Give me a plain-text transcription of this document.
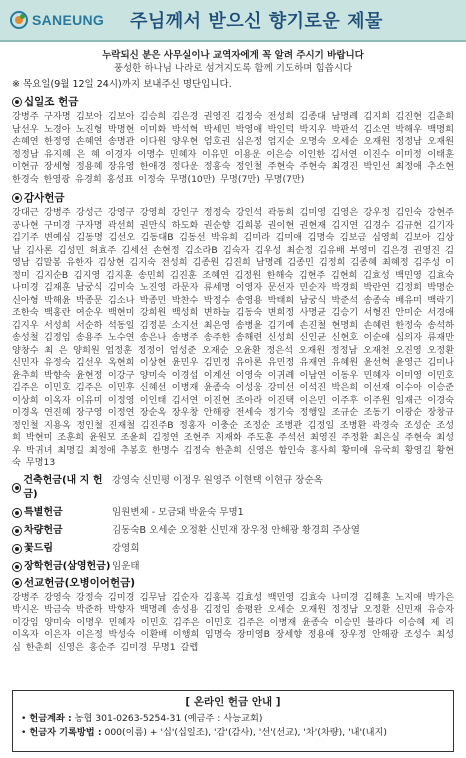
SANEUNG 주님께서 받으신 향기로운 제물
누락되신 분은 사무실이나 교역자에게 꼭 알려 주시기 바랍니다
풍성한 하나님 나라로 섬겨지도록 함께 기도하며 힘씁시다
※ 목요일(9월 12일 24시)까지 보내주신 명단입니다.
십일조 헌금
강병주 구자명 김보아 김보아 김승희 김은경 권영진 김정숙 전성희 김종대 남명례 김지희 김진현 김춘희 남선우 노경아 노진형 박명현 이미화 박석혁 박세민 박영애 박인덕 박지우 박판석 김소연 박해우 백명희 손혜연 한정영 손혜연 송명관 이다원 양우현 엄호권 심은정 엄지순 오명숙 오세순 오재원 정정남 오재원 정정남 유지혜 은 혜 이경자 이명수 민혜자 이유민 이용운 이은승 이인한 김서연 이진수 이미정 이태훈 이현규 장세형 정용혜 장유영 한애경 정다운 정홍숙 정인철 주현숙 주현숙 최경진 박인선 최정애 추소현 한경숙 한영광 유경희 홍성표 이정숙 무명(10만) 무명(7만) 무명(7만)
감사헌금
강대근 강병주 강성근 강영구 강영희 강인구 정정숙 강인석 곽동희 김미영 김영은 강우정 김인숙 강현주 공나현 구미경 구자명 곽선희 권만식 하도화 권순향 김희봉 권이현 권현재 김지연 김경수 김규현 김기자 김기주 변예심 김동명 김선오 김동대B 김동선 박유희 김미라 김미애 김명숙 김보금 심영희 김보아 김상남 김사론 김성민 허효주 김세선 손현정 김소라B 김숙자 김우성 최순정 김유배 부영미 김은경 권영진 김영남 김말봉 유한자 김상현 김지숙 전성희 김종원 김진희 남명례 김종민 김정희 김종혜 최혜정 김주성 이정미 김지순B 김지영 김지훈 송민희 김진훈 조혜연 김정원 한해숙 김현주 김현희 김효성 백민영 김효숙 나미경 김재훈 남궁식 김미숙 노진영 라문자 류세명 이영자 문선자 민순자 박경희 박란연 김정희 박명순 신아형 박해윤 박종문 김소나 박종민 박찬수 박정수 송영용 박태희 남궁식 박준석 송종숙 배유미 백락기 조한숙 백홍란 여순우 백현미 강희원 백성희 변하늘 김동숙 변희정 사명균 김승기 서형진 안미순 서경애 김지우 서성희 서순하 석동일 김정분 소지선 최은영 송병윤 김기예 손진철 현명희 손혜련 한정숙 송석하 송성철 김정임 송용주 노수연 송은나 송병주 송주한 송해련 신성희 신인균 신현호 이순애 심의자 류재만 양창수 최 은 양희원 엄정훈 정정이 엄성준 오재순 오윤환 정은석 오재원 정정남 오재천 오진영 오정환 신민자 유정숙 김선우 옥현희 이상현 윤민우 김민정 유아론 유민정 유재연 유혜원 윤선혁 윤영근 김미나 윤추희 박향숙 윤현정 이강구 양미숙 이경섭 이계선 이영숙 이귀례 이남연 이동우 민혜자 이미영 이민호 김주은 이민호 김주은 이민후 신혜선 이병재 윤종숙 이성웅 강미선 이석진 박은희 이선재 이수아 이승준 이상희 이옥자 이유미 이정영 이인태 김서연 이진현 조아라 이진택 이은민 이주후 이주원 임재근 이경숙 이경옥 연진혜 장구영 이정연 장순옥 장우창 안해광 전세숙 정기숙 정행일 조규순 조동기 이광순 장창규 정인철 지용옥 정인철 진재철 김진주B 정홍자 이충순 조정순 조병관 김정일 조병환 곽경숙 조성순 조성희 박현미 조훈희 윤원모 조윤희 김정연 조현주 지재화 주도훈 주석선 최영진 주정환 최은실 주현숙 최성우 박귀녀 최명길 최정애 추봉호 한명수 김정숙 한춘희 신영은 함인숙 홍사희 황미애 유국희 황영길 황현숙 무명13
건축헌금(내 지 헌 금)
강영숙 신민평 이정우 원영주 이현택 이현규 장순옥
특별헌금	임원변체 - 모금돼 박윤숙 무명1
차량헌금	김동숙B 오세순 오정환 신민재 장우정 안해광 황경희 주상열
꽃드림	강영희
장학헌금(삼영헌금) 임운태
선교헌금(오병이어헌금)
강병주 강영숙 강정숙 김미경 김무남 김순자 김홍복 김효성 백민영 김효숙 나미경 김해훈 노지애 박가은 박시온 박금숙 박준하 박향자 백명례 송성용 김정임 송평완 오세순 오재원 정정남 오정환 신민재 유승자 이강임 양미숙 이명우 민혜자 이민호 김주은 이민호 김주은 이병재 윤종숙 이승민 블라다 이승혜 제 리 이옥자 이은자 이은정 박성숙 이환배 이행희 임명숙 장미영B 장세향 정용애 장우정 안해광 조성수 최성심 한춘희 신영은 홍순주 김미경 무명1 갈렙
[ 온라인 헌금 안내 ]
• 헌금계좌 : 농협 301-0263-5254-31 (예금주 : 사능교회)
• 헌금자 기록방법 : 000(이름) + '십'(십일조), '감'(감사), '선'(선교), '차'(차량), '내'(내지)
